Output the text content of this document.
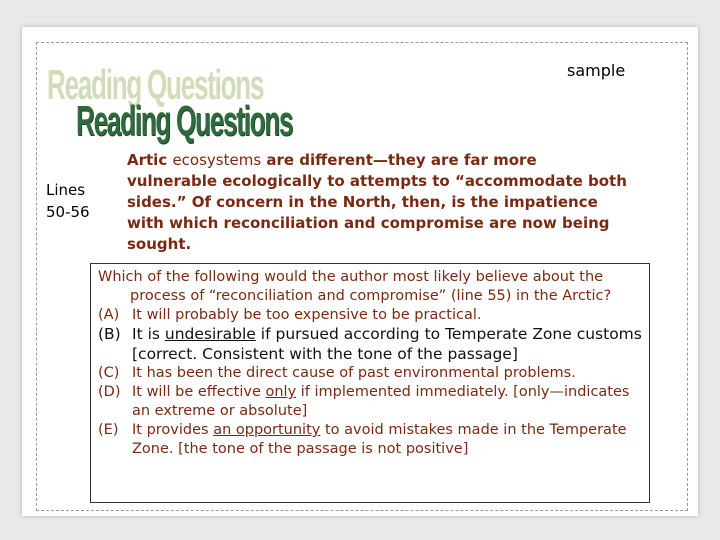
sample
Reading Questions
Reading Questions
Lines
50-56
Artic ecosystems are different—they are far more vulnerable ecologically to attempts to “accommodate both sides.” Of concern in the North, then, is the impatience with which reconciliation and compromise are now being sought.

Which of the following would the author most likely believe about the process of “reconciliation and compromise” (line 55) in the Arctic?

(A) It will probably be too expensive to be practical.

(B) It is undesirable if pursued according to Temperate Zone customs [correct. Consistent with the tone of the passage]

(C) It has been the direct cause of past environmental problems.

(D) It will be effective only if implemented immediately. [only—indicates an extreme or absolute]

(E) It provides an opportunity to avoid mistakes made in the Temperate Zone. [the tone of the passage is not positive]
